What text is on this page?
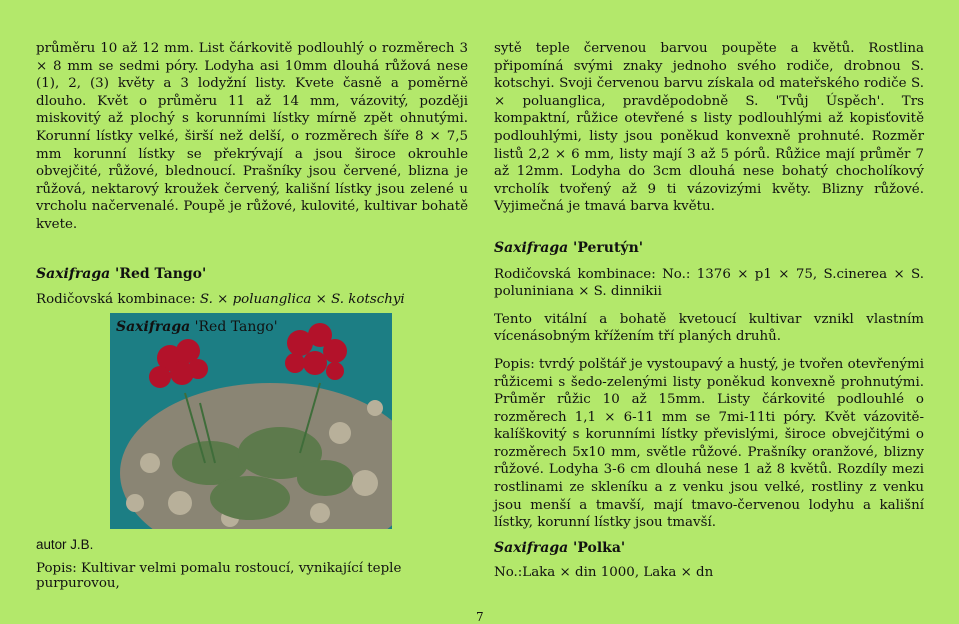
průměru 10 až 12 mm. List čárkovitě podlouhlý o rozměrech 3 × 8 mm se sedmi póry. Lodyha asi 10mm dlouhá růžová nese (1), 2, (3) květy a 3 lodyžní listy. Kvete časně a poměrně dlouho. Květ o průměru 11 až 14 mm, vázovitý, později miskovitý až plochý s korunními lístky mírně zpět ohnutými. Korunní lístky velké, širší než delší, o rozměrech šíře 8 × 7,5 mm korunní lístky se překrývají a jsou široce okrouhle obvejčité, růžové, blednoucí. Prašníky jsou červené, blizna je růžová, nektarový kroužek červený, kališní lístky jsou zelené u vrcholu načervenalé. Poupě je růžové, kulovité, kultivar bohatě kvete.

Saxifraga 'Red Tango'
Rodičovská kombinace: S. × poluanglica × S. kotschyi
Saxifraga 'Red Tango'
autor J.B.
Popis: Kultivar velmi pomalu rostoucí, vynikající teple purpurovou,

sytě teple červenou barvou poupěte a květů. Rostlina připomíná svými znaky jednoho svého rodiče, drobnou S. kotschyi. Svoji červenou barvu získala od mateřského rodiče S. × poluanglica, pravděpodobně S. 'Tvůj Úspěch'. Trs kompaktní, růžice otevřené s listy podlouhlými až kopisťovitě podlouhlými, listy jsou poněkud konvexně prohnuté. Rozměr listů 2,2 × 6 mm, listy mají 3 až 5 pórů. Růžice mají průměr 7 až 12mm. Lodyha do 3cm dlouhá nese bohatý chocholíkový vrcholík tvořený až 9 ti vázovizými květy. Blizny růžové. Vyjimečná je tmavá barva květu.

Saxifraga 'Perutýn'

Rodičovská kombinace: No.: 1376 × p1 × 75, S.cinerea × S. poluniniana × S. dinnikii

Tento vitální a bohatě kvetoucí kultivar vznikl vlastním vícenásobným křížením tří planých druhů.

Popis: tvrdý polštář je vystoupavý a hustý, je tvořen otevřenými růžicemi s šedo-zelenými listy poněkud konvexně prohnutými. Průměr růžic 10 až 15mm. Listy čárkovité podlouhlé o rozměrech 1,1 × 6-11 mm se 7mi-11ti póry. Květ vázovitě-kalíškovitý s korunními lístky převislými, široce obvejčitými o rozměrech 5x10 mm, světle růžové. Prašníky oranžové, blizny růžové. Lodyha 3-6 cm dlouhá nese 1 až 8 květů. Rozdíly mezi rostlinami ze skleníku a z venku jsou velké, rostliny z venku jsou menší a tmavší, mají tmavo-červenou lodyhu a kališní lístky, korunní lístky jsou tmavší.

Saxifraga 'Polka'
No.:Laka × din 1000, Laka × dn
7
